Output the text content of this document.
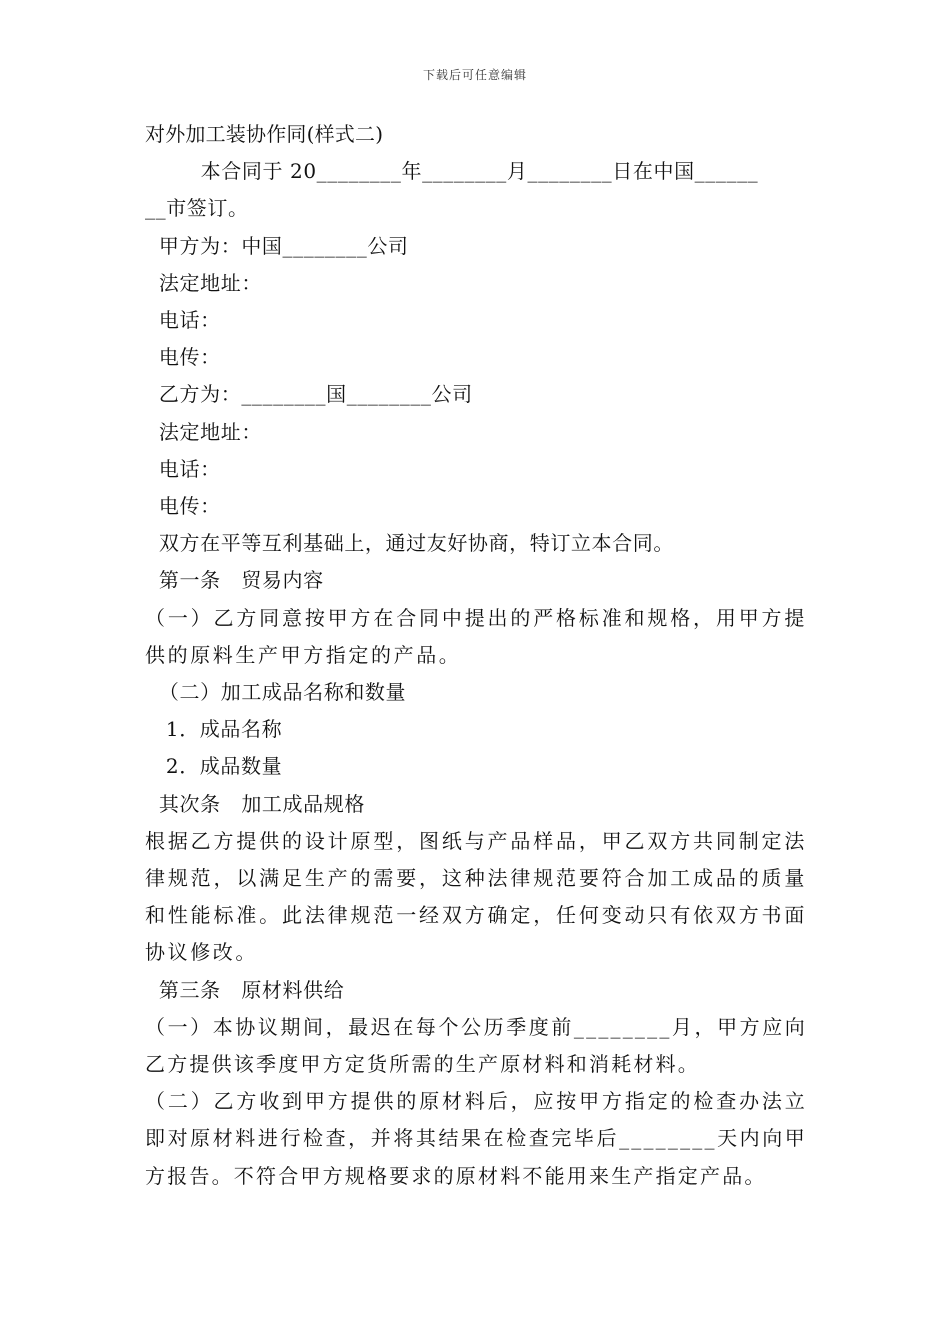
下载后可任意编辑
对外加工装协作同(样式二)
本合同于 20________年________月________日在中国______
__市签订。
甲方为：中国________公司
法定地址：
电话：
电传：
乙方为：________国________公司
法定地址：
电话：
电传：
双方在平等互利基础上，通过友好协商，特订立本合同。
第一条　贸易内容
（一）乙方同意按甲方在合同中提出的严格标准和规格，用甲方提供的原料生产甲方指定的产品。
（二）加工成品名称和数量
1．成品名称
2．成品数量
其次条　加工成品规格
根据乙方提供的设计原型，图纸与产品样品，甲乙双方共同制定法律规范，以满足生产的需要，这种法律规范要符合加工成品的质量和性能标准。此法律规范一经双方确定，任何变动只有依双方书面协议修改。
第三条　原材料供给
（一）本协议期间，最迟在每个公历季度前________月，甲方应向乙方提供该季度甲方定货所需的生产原材料和消耗材料。
（二）乙方收到甲方提供的原材料后，应按甲方指定的检查办法立即对原材料进行检查，并将其结果在检查完毕后________天内向甲方报告。不符合甲方规格要求的原材料不能用来生产指定产品。
